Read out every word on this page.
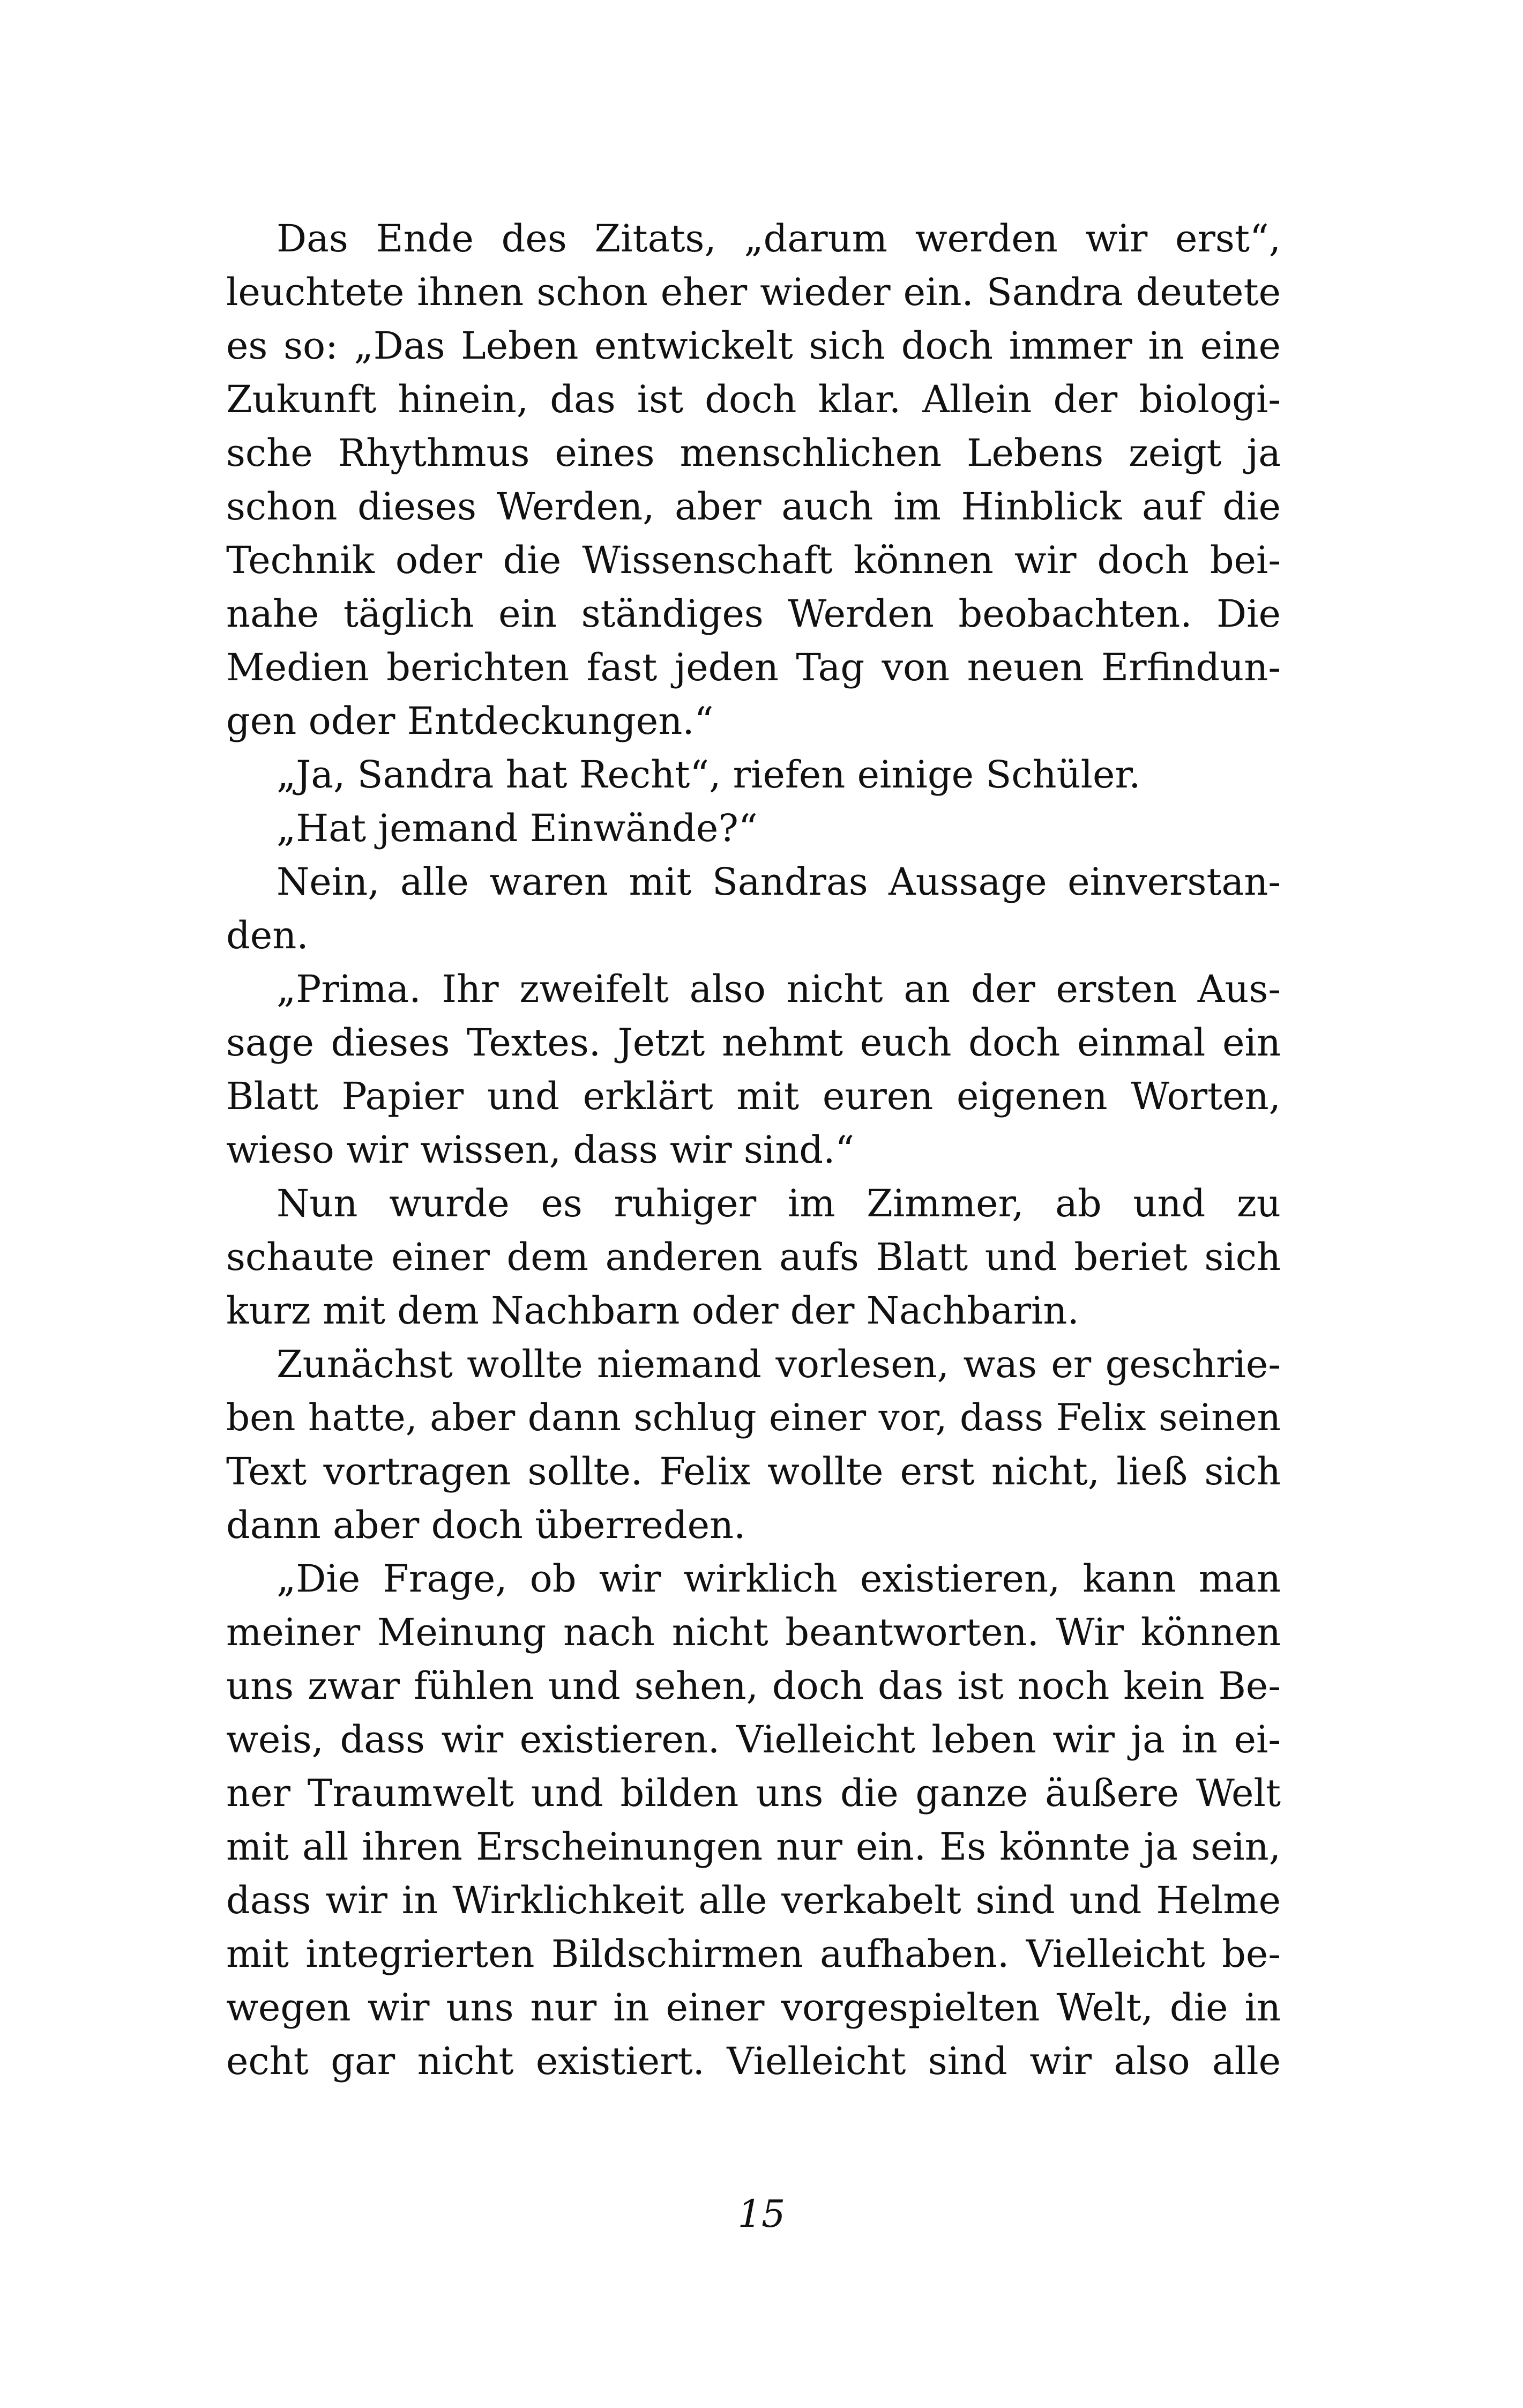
Das Ende des Zitats, „darum werden wir erst“,
leuchtete ihnen schon eher wieder ein. Sandra deutete
es so: „Das Leben entwickelt sich doch immer in eine
Zukunft hinein, das ist doch klar. Allein der biologi-
sche Rhythmus eines menschlichen Lebens zeigt ja
schon dieses Werden, aber auch im Hinblick auf die
Technik oder die Wissenschaft können wir doch bei-
nahe täglich ein ständiges Werden beobachten. Die
Medien berichten fast jeden Tag von neuen Erfindun-
gen oder Entdeckungen.“
„Ja, Sandra hat Recht“, riefen einige Schüler.
„Hat jemand Einwände?“
Nein, alle waren mit Sandras Aussage einverstan-
den.
„Prima. Ihr zweifelt also nicht an der ersten Aus-
sage dieses Textes. Jetzt nehmt euch doch einmal ein
Blatt Papier und erklärt mit euren eigenen Worten,
wieso wir wissen, dass wir sind.“
Nun wurde es ruhiger im Zimmer, ab und zu
schaute einer dem anderen aufs Blatt und beriet sich
kurz mit dem Nachbarn oder der Nachbarin.
Zunächst wollte niemand vorlesen, was er geschrie-
ben hatte, aber dann schlug einer vor, dass Felix seinen
Text vortragen sollte. Felix wollte erst nicht, ließ sich
dann aber doch überreden.
„Die Frage, ob wir wirklich existieren, kann man
meiner Meinung nach nicht beantworten. Wir können
uns zwar fühlen und sehen, doch das ist noch kein Be-
weis, dass wir existieren. Vielleicht leben wir ja in ei-
ner Traumwelt und bilden uns die ganze äußere Welt
mit all ihren Erscheinungen nur ein. Es könnte ja sein,
dass wir in Wirklichkeit alle verkabelt sind und Helme
mit integrierten Bildschirmen aufhaben. Vielleicht be-
wegen wir uns nur in einer vorgespielten Welt, die in
echt gar nicht existiert. Vielleicht sind wir also alle
15
